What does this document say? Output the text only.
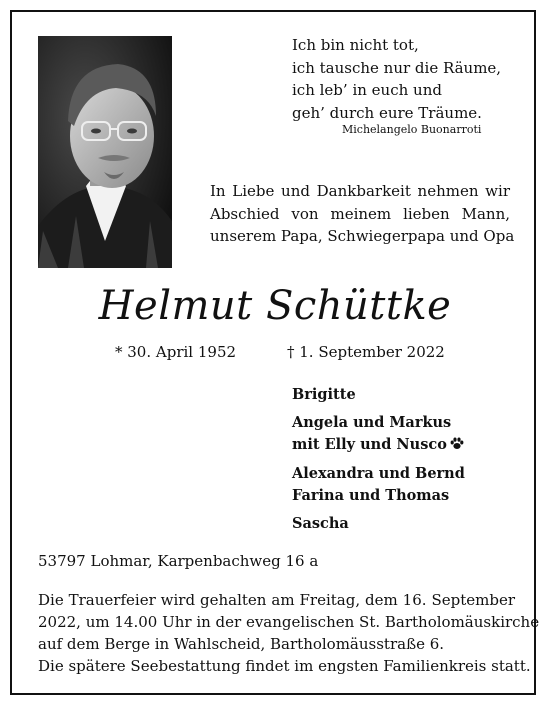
Ich bin nicht tot,
ich tausche nur die Räume,
ich leb’ in euch und
geh’ durch eure Träume.
Michelangelo Buonarroti
In Liebe und Dankbarkeit nehmen wir
Abschied von meinem lieben Mann,
unserem Papa, Schwiegerpapa und Opa
Helmut Schüttke
* 30. April 1952	† 1. September 2022
Brigitte
Angela und Markus
mit Elly und Nusco
Alexandra und Bernd
Farina und Thomas
Sascha
53797 Lohmar, Karpenbachweg 16 a
Die Trauerfeier wird gehalten am Freitag, dem 16. September
2022, um 14.00 Uhr in der evangelischen St. Bartholomäuskirche
auf dem Berge in Wahlscheid, Bartholomäusstraße 6.
Die spätere Seebestattung findet im engsten Familienkreis statt.
